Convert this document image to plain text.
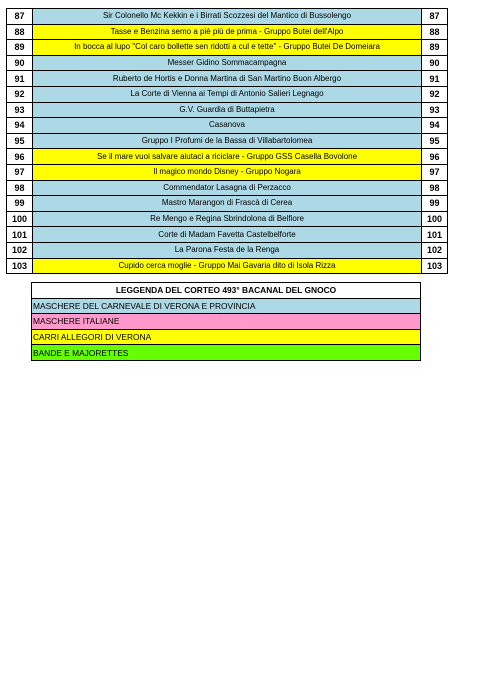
87	Sir Colonello Mc Kekkin e i Birrati Scozzesi del Mantico di Bussolengo	87
88	Tasse e Benzina semo a piè più de prima - Gruppo Butei dell'Alpo	88
89	In bocca al lupo "Col caro bollette sen ridotti a cul e tette" - Gruppo Butei De Domeiara	89
90	Messer Gidino Sommacampagna	90
91	Ruberto de Hortis e Donna Martina di San Martino Buon Albergo	91
92	La Corte di Vienna ai Tempi di Antonio Salieri Legnago	92
93	G.V. Guardia di Buttapietra	93
94	Casanova	94
95	Gruppo I Profumi de la Bassa di Villabartolomea	95
96	Se il mare vuoi salvare aiutaci a riciclare - Gruppo GSS Casella Bovolone	96
97	Il magico mondo Disney - Gruppo Nogara	97
98	Commendator Lasagna di Perzacco	98
99	Mastro Marangon di Frascà di Cerea	99
100	Re Mengo e Regina Sbrindolona di Belfiore	100
101	Corte di Madam Favetta Castelbelforte	101
102	La Parona Festa de la Renga	102
103	Cupido cerca moglie - Gruppo Mai Gavaria dito di Isola Rizza	103
LEGGENDA DEL CORTEO 493° BACANAL DEL GNOCO
MASCHERE DEL CARNEVALE DI VERONA E PROVINCIA
MASCHERE ITALIANE
CARRI ALLEGORI DI VERONA
BANDE E MAJORETTES
